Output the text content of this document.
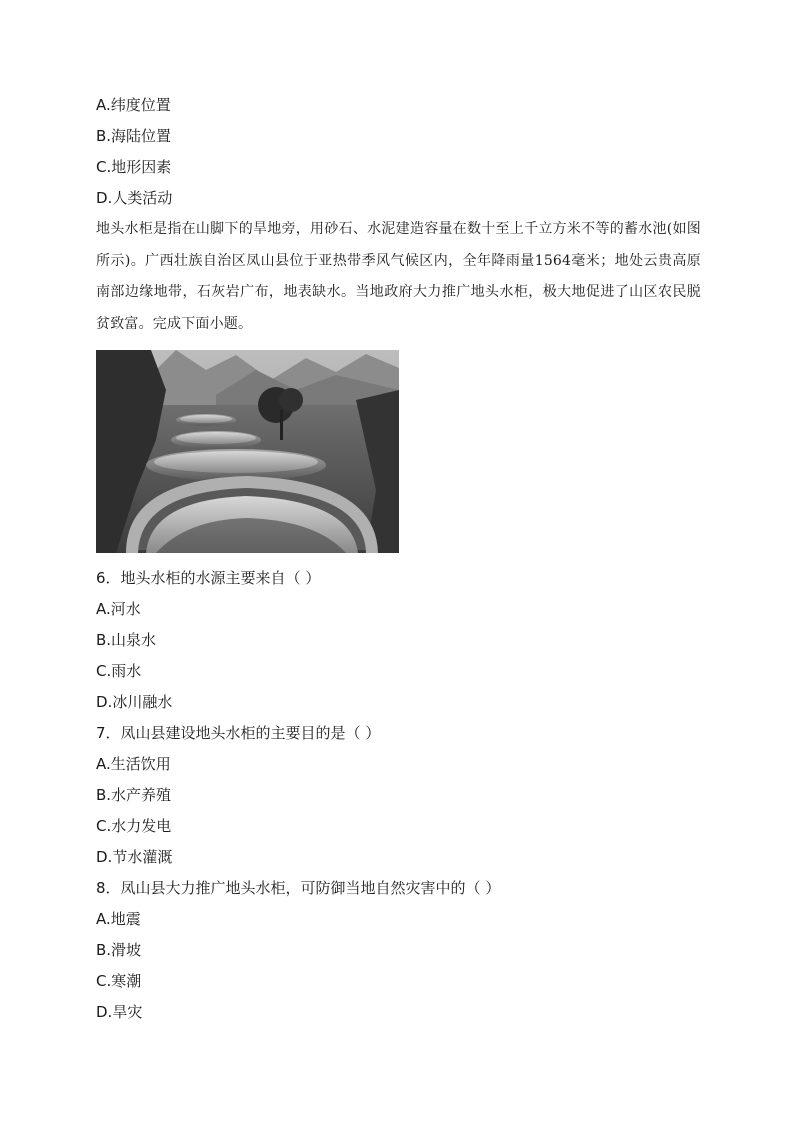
A.纬度位置
B.海陆位置
C.地形因素
D.人类活动
地头水柜是指在山脚下的旱地旁，用砂石、水泥建造容量在数十至上千立方米不等的蓄水池(如图所示)。广西壮族自治区凤山县位于亚热带季风气候区内，全年降雨量1564毫米；地处云贵高原南部边缘地带，石灰岩广布，地表缺水。当地政府大力推广地头水柜，极大地促进了山区农民脱贫致富。完成下面小题。
6．地头水柜的水源主要来自（ ）
A.河水
B.山泉水
C.雨水
D.冰川融水
7．凤山县建设地头水柜的主要目的是（ ）
A.生活饮用
B.水产养殖
C.水力发电
D.节水灌溉
8．凤山县大力推广地头水柜，可防御当地自然灾害中的（ ）
A.地震
B.滑坡
C.寒潮
D.旱灾
